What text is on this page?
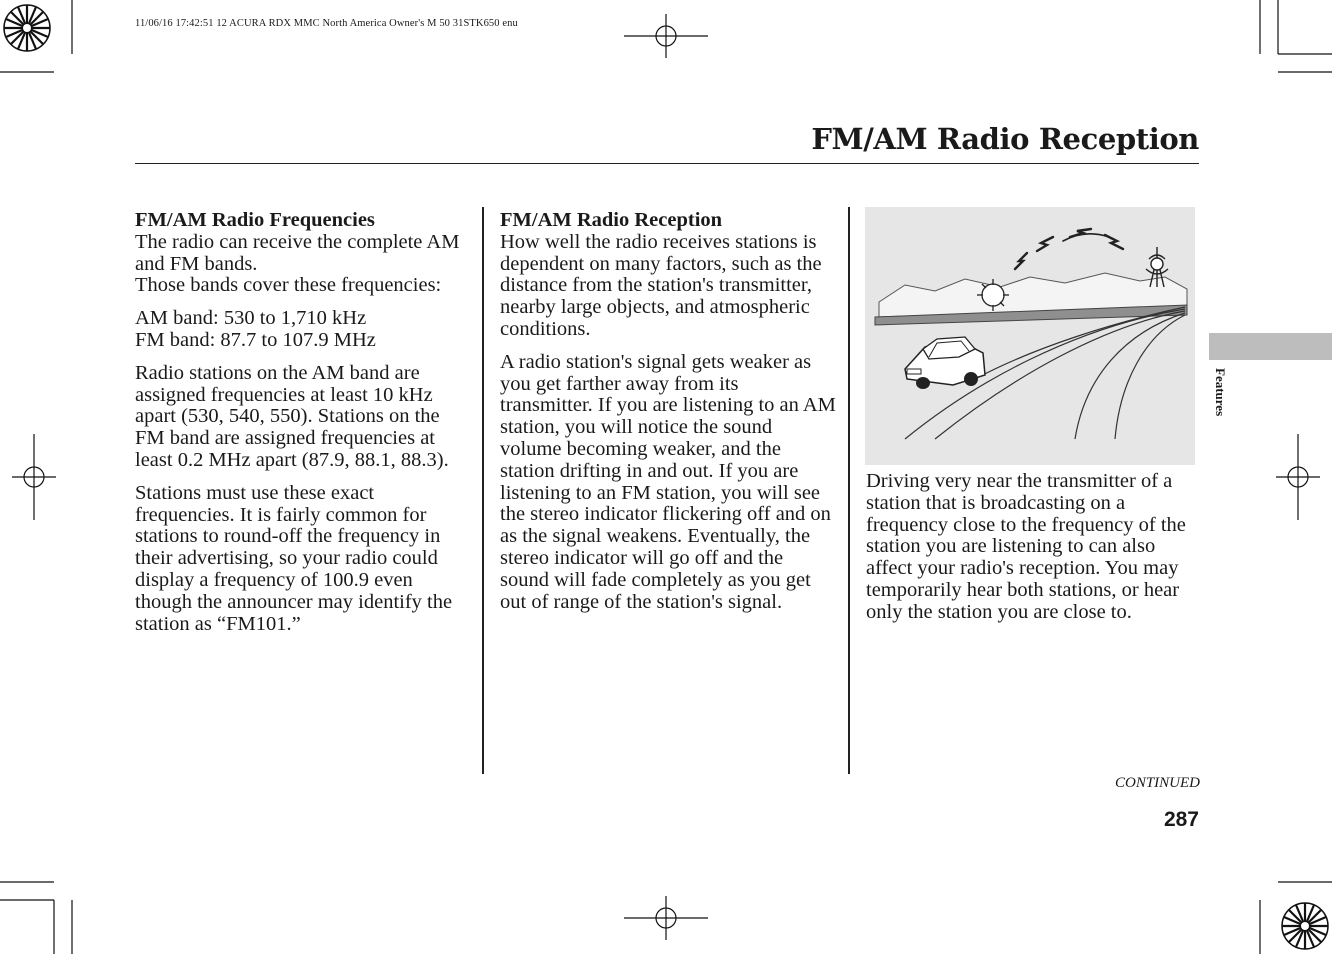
11/06/16 17:42:51 12 ACURA RDX MMC North America Owner's M 50 31STK650 enu
FM/AM Radio Reception
FM/AM Radio Frequencies

The radio can receive the complete AM and FM bands.

Those bands cover these frequencies:

AM band: 530 to 1,710 kHz
FM band: 87.7 to 107.9 MHz

Radio stations on the AM band are assigned frequencies at least 10 kHz apart (530, 540, 550). Stations on the FM band are assigned frequencies at least 0.2 MHz apart (87.9, 88.1, 88.3).

Stations must use these exact frequencies. It is fairly common for stations to round-off the frequency in their advertising, so your radio could display a frequency of 100.9 even though the announcer may identify the station as “FM101.”

FM/AM Radio Reception

How well the radio receives stations is dependent on many factors, such as the distance from the station's transmitter, nearby large objects, and atmospheric conditions.

A radio station's signal gets weaker as you get farther away from its transmitter. If you are listening to an AM station, you will notice the sound volume becoming weaker, and the station drifting in and out. If you are listening to an FM station, you will see the stereo indicator flickering off and on as the signal weakens. Eventually, the stereo indicator will go off and the sound will fade completely as you get out of range of the station's signal.

Driving very near the transmitter of a station that is broadcasting on a frequency close to the frequency of the station you are listening to can also affect your radio's reception. You may temporarily hear both stations, or hear only the station you are close to.

Features
CONTINUED
287
